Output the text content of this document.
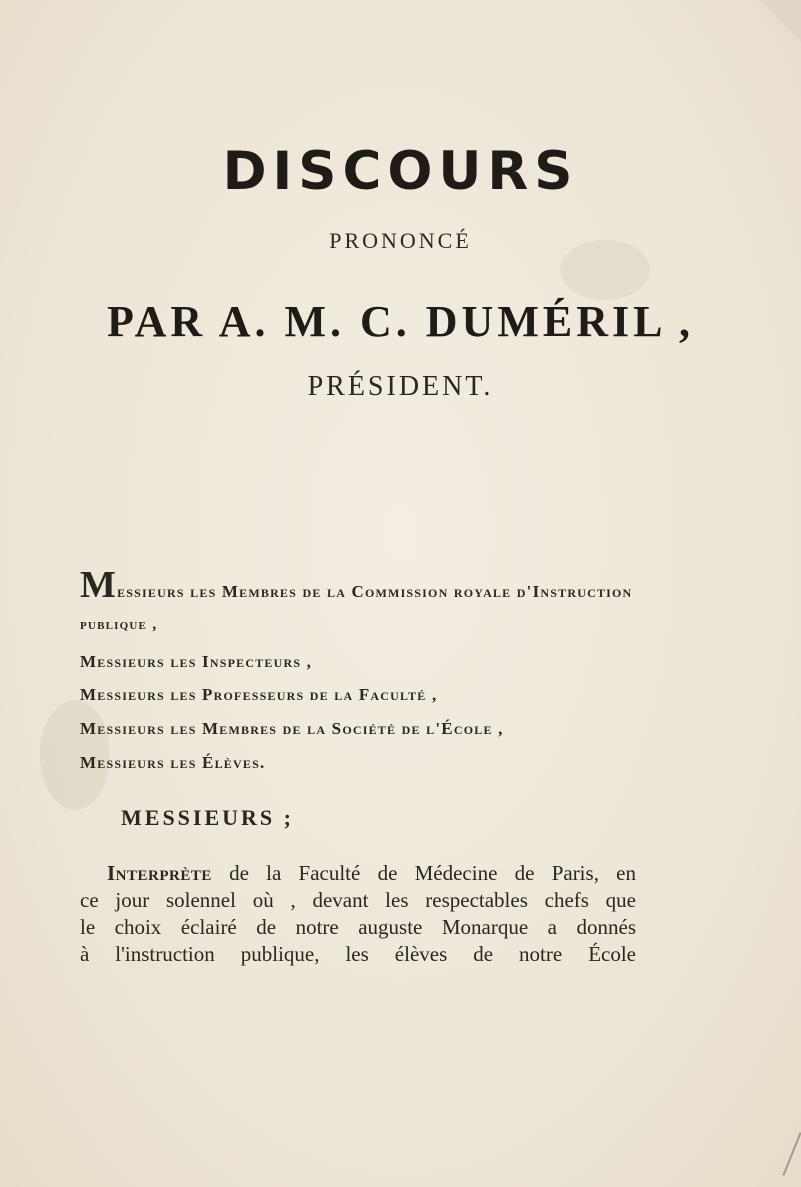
DISCOURS
PRONONCÉ
PAR A. M. C. DUMÉRIL ,
PRÉSIDENT.
Messieurs les Membres de la Commission royale d'Instruction
publique ,
Messieurs les Inspecteurs ,
Messieurs les Professeurs de la Faculté ,
Messieurs les Membres de la Société de l'École ,
Messieurs les Élèves.
MESSIEURS ;
Interprète de la Faculté de Médecine de Paris, en
ce jour solennel où , devant les respectables chefs que
le choix éclairé de notre auguste Monarque a donnés
à l'instruction publique, les élèves de notre École
